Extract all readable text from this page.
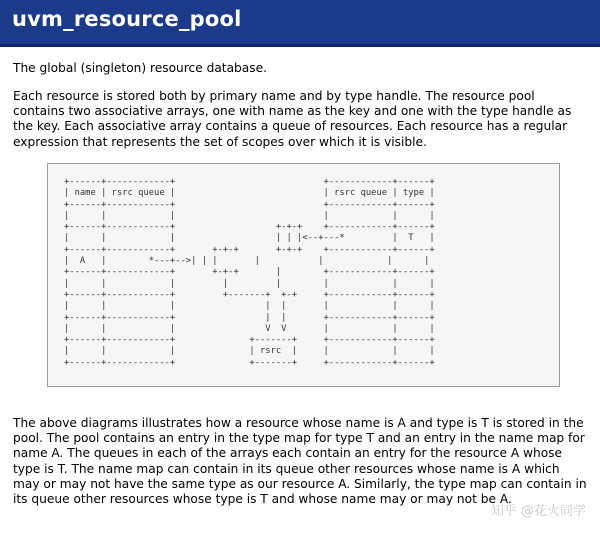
uvm_resource_pool

The global (singleton) resource database.

Each resource is stored both by primary name and by type handle. The resource pool contains two associative arrays, one with name as the key and one with the type handle as the key. Each associative array contains a queue of resources. Each resource has a regular expression that represents the set of scopes over which it is visible.

+------+------------+                            +------------+------+
| name | rsrc queue |                            | rsrc queue | type |
+------+------------+                            +------------+------+
|      |            |                            |            |      |
+------+------------+                   +-+-+    +------------+------+
|      |            |                   | | |<--+---*         |  T   |
+------+------------+       +-+-+       +-+-+    +------------+------+
|  A   |        *---+-->| | |       |           |            |      |
+------+------------+       +-+-+       |        +------------+------+
|      |            |         |         |        |            |      |
+------+------------+         +-------+  +-+     +------------+------+
|      |            |                 |  |       |            |      |
+------+------------+                 |  |       +------------+------+
|      |            |                 V  V       |            |      |
+------+------------+              +-------+     +------------+------+
|      |            |              | rsrc  |     |            |      |
+------+------------+              +-------+     +------------+------+

The above diagrams illustrates how a resource whose name is A and type is T is stored in the pool. The pool contains an entry in the type map for type T and an entry in the name map for name A. The queues in each of the arrays each contain an entry for the resource A whose type is T. The name map can contain in its queue other resources whose name is A which may or may not have the same type as our resource A. Similarly, the type map can contain in its queue other resources whose type is T and whose name may or may not be A.

知乎 @花火同学
